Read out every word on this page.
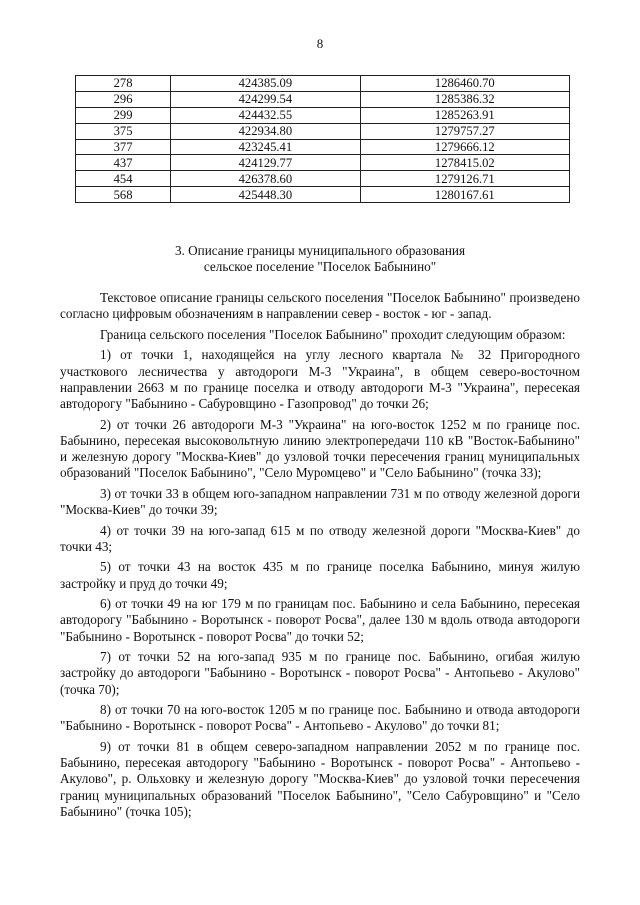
8
278	424385.09	1286460.70
296	424299.54	1285386.32
299	424432.55	1285263.91
375	422934.80	1279757.27
377	423245.41	1279666.12
437	424129.77	1278415.02
454	426378.60	1279126.71
568	425448.30	1280167.61
3. Описание границы муниципального образования
сельское поселение "Поселок Бабынино"

Текстовое описание границы сельского поселения "Поселок Бабынино" произведено согласно цифровым обозначениям в направлении север - восток - юг - запад.

Граница сельского поселения "Поселок Бабынино" проходит следующим образом:

1) от точки 1, находящейся на углу лесного квартала № 32 Пригородного участкового лесничества у автодороги М-3 "Украина", в общем северо-восточном направлении 2663 м по границе поселка и отводу автодороги М-3 "Украина", пересекая автодорогу "Бабынино - Сабуровщино - Газопровод" до точки 26;

2) от точки 26 автодороги М-3 "Украина" на юго-восток 1252 м по границе пос. Бабынино, пересекая высоковольтную линию электропередачи 110 кВ "Восток-Бабынино" и железную дорогу "Москва-Киев" до узловой точки пересечения границ муниципальных образований "Поселок Бабынино", "Село Муромцево" и "Село Бабынино" (точка 33);

3) от точки 33 в общем юго-западном направлении 731 м по отводу железной дороги "Москва-Киев" до точки 39;

4) от точки 39 на юго-запад 615 м по отводу железной дороги "Москва-Киев" до точки 43;

5) от точки 43 на восток 435 м по границе поселка Бабынино, минуя жилую застройку и пруд до точки 49;

6) от точки 49 на юг 179 м по границам пос. Бабынино и села Бабынино, пересекая автодорогу "Бабынино - Воротынск - поворот Росва", далее 130 м вдоль отвода автодороги "Бабынино - Воротынск - поворот Росва" до точки 52;

7) от точки 52 на юго-запад 935 м по границе пос. Бабынино, огибая жилую застройку до автодороги "Бабынино - Воротынск - поворот Росва" - Антопьево - Акулово" (точка 70);

8) от точки 70 на юго-восток 1205 м по границе пос. Бабынино и отвода автодороги "Бабынино - Воротынск - поворот Росва" - Антопьево - Акулово" до точки 81;

9) от точки 81 в общем северо-западном направлении 2052 м по границе пос. Бабынино, пересекая автодорогу "Бабынино - Воротынск - поворот Росва" - Антопьево - Акулово", р. Ольховку и железную дорогу "Москва-Киев" до узловой точки пересечения границ муниципальных образований "Поселок Бабынино", "Село Сабуровщино" и "Село Бабынино" (точка 105);
